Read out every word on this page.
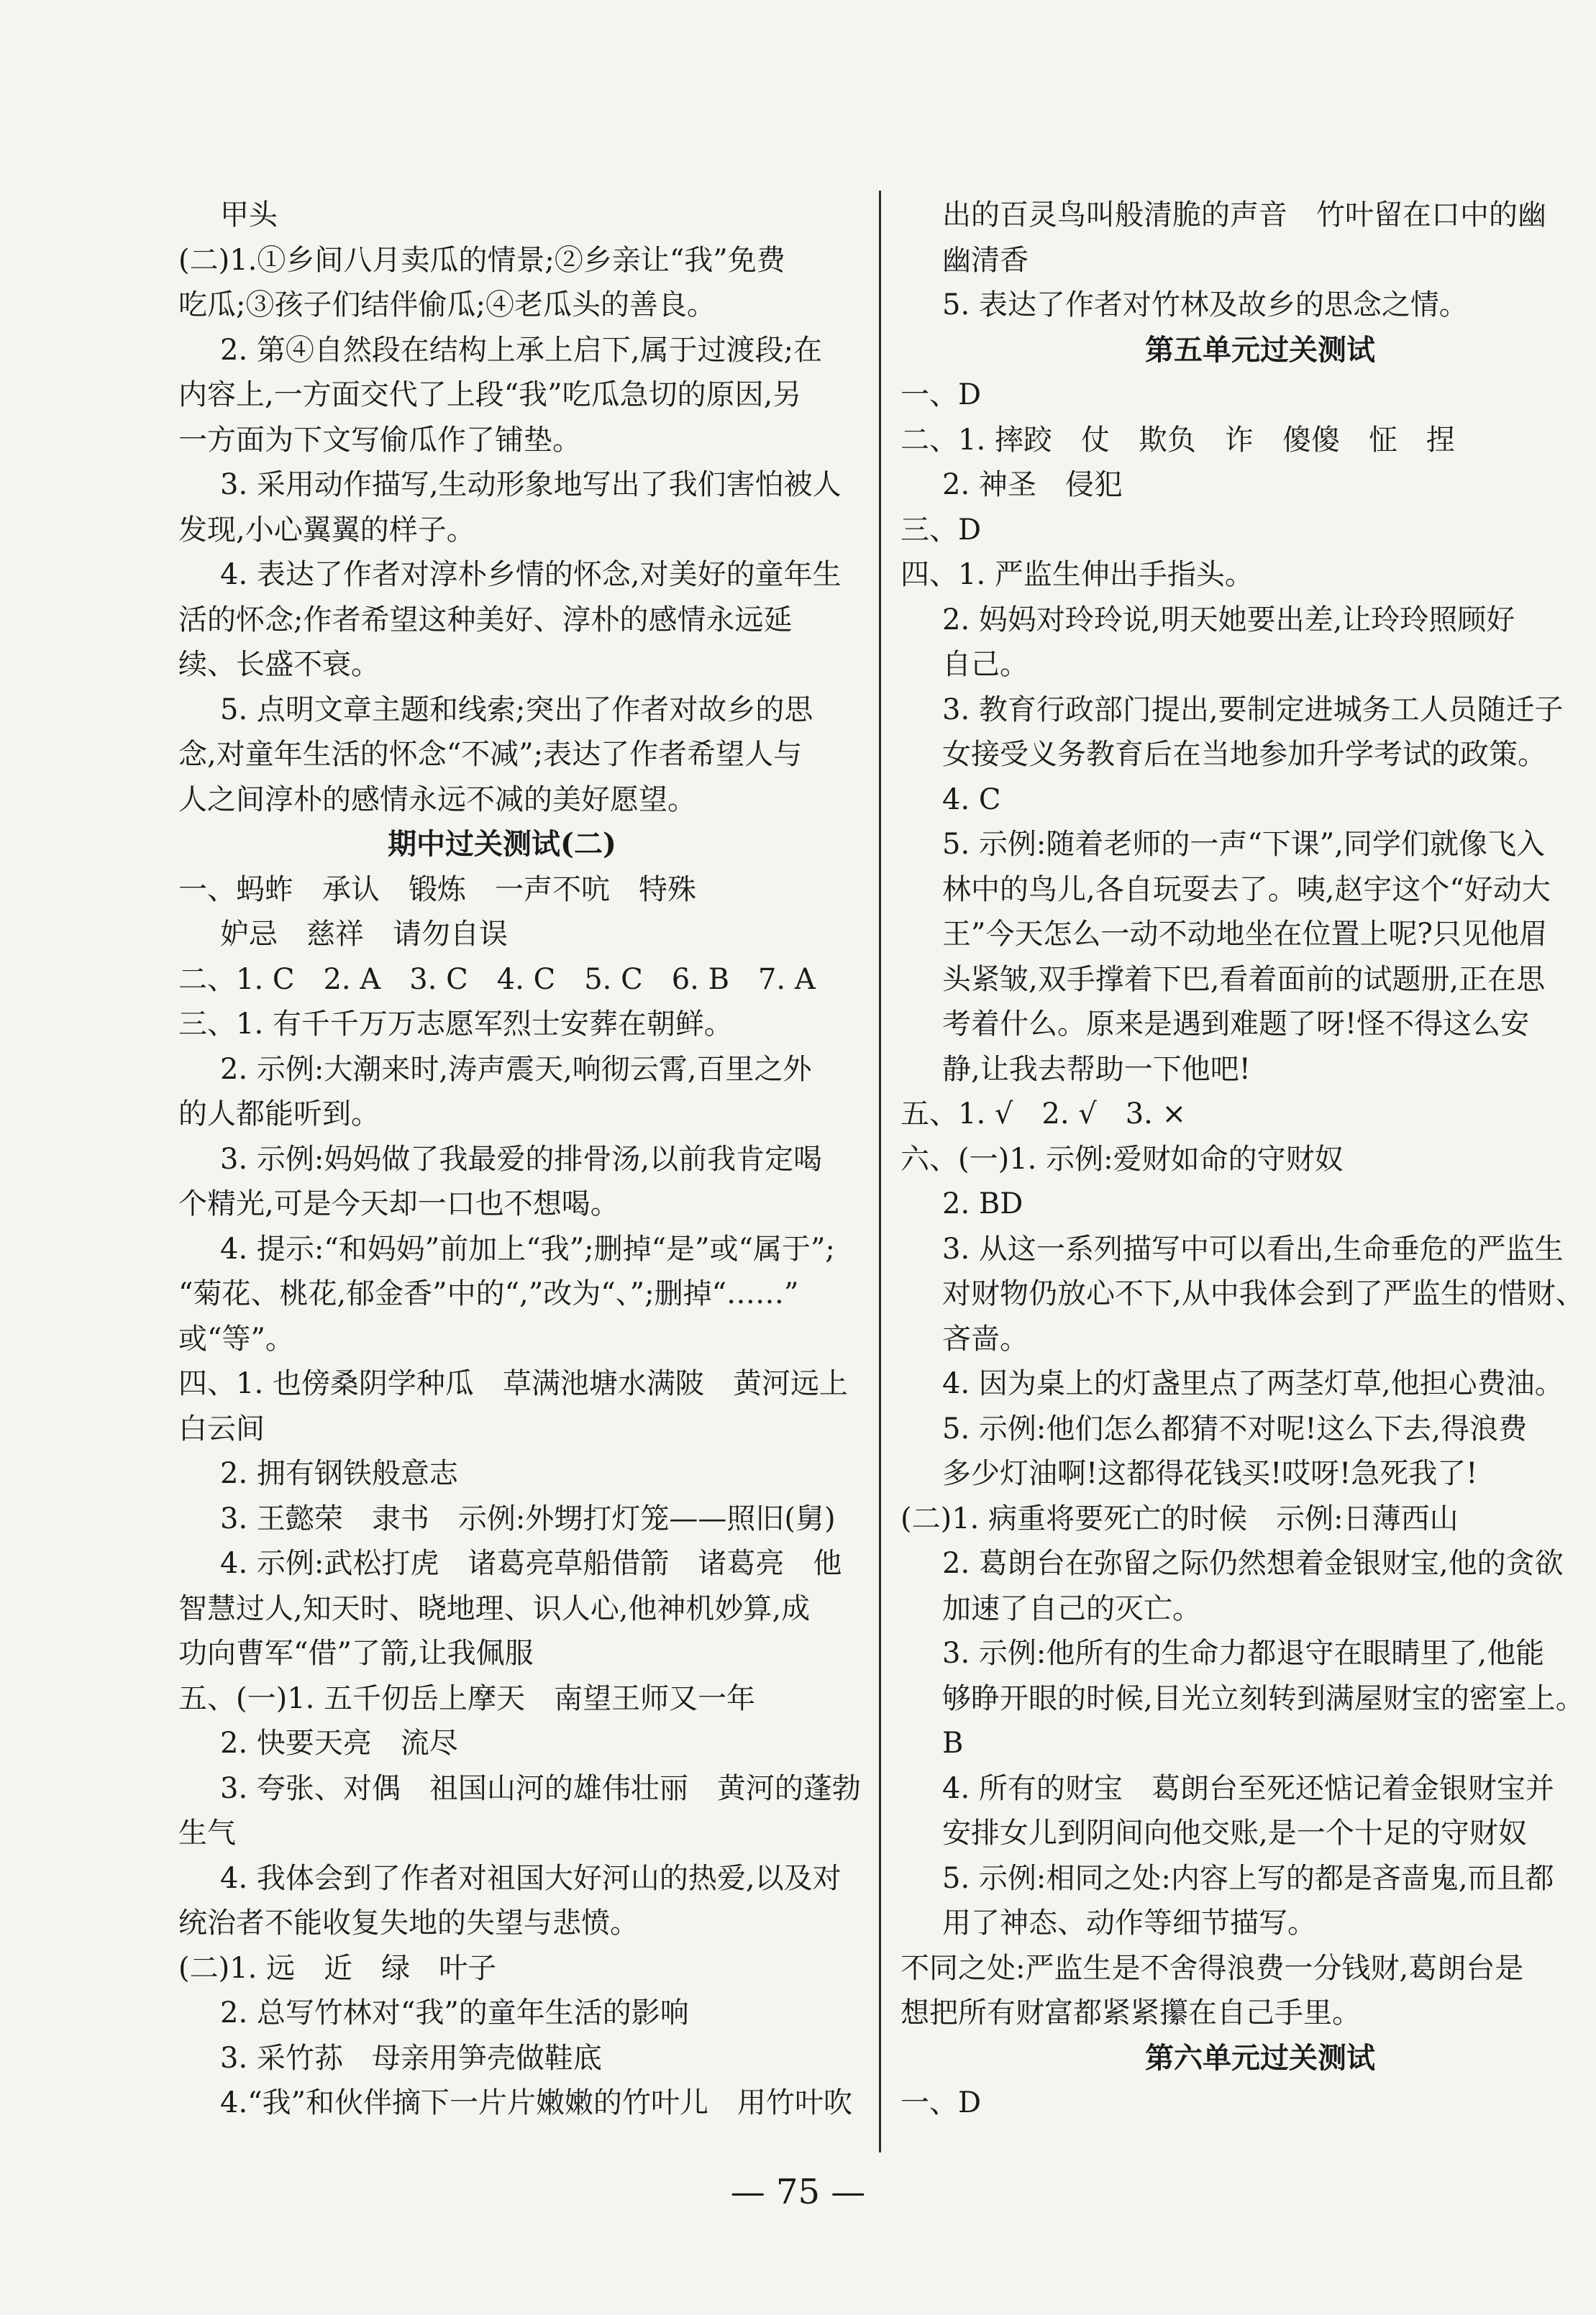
甲头
(二)1.①乡间八月卖瓜的情景;②乡亲让“我”免费
吃瓜;③孩子们结伴偷瓜;④老瓜头的善良。
2. 第④自然段在结构上承上启下,属于过渡段;在
内容上,一方面交代了上段“我”吃瓜急切的原因,另
一方面为下文写偷瓜作了铺垫。
3. 采用动作描写,生动形象地写出了我们害怕被人
发现,小心翼翼的样子。
4. 表达了作者对淳朴乡情的怀念,对美好的童年生
活的怀念;作者希望这种美好、淳朴的感情永远延
续、长盛不衰。
5. 点明文章主题和线索;突出了作者对故乡的思
念,对童年生活的怀念“不减”;表达了作者希望人与
人之间淳朴的感情永远不减的美好愿望。
期中过关测试(二)
一、蚂蚱　承认　锻炼　一声不吭　特殊
妒忌　慈祥　请勿自误
二、1. C　2. A　3. C　4. C　5. C　6. B　7. A
三、1. 有千千万万志愿军烈士安葬在朝鲜。
2. 示例:大潮来时,涛声震天,响彻云霄,百里之外
的人都能听到。
3. 示例:妈妈做了我最爱的排骨汤,以前我肯定喝
个精光,可是今天却一口也不想喝。
4. 提示:“和妈妈”前加上“我”;删掉“是”或“属于”;
“菊花、桃花,郁金香”中的“,”改为“、”;删掉“……”
或“等”。
四、1. 也傍桑阴学种瓜　草满池塘水满陂　黄河远上
白云间
2. 拥有钢铁般意志
3. 王懿荣　隶书　示例:外甥打灯笼——照旧(舅)
4. 示例:武松打虎　诸葛亮草船借箭　诸葛亮　他
智慧过人,知天时、晓地理、识人心,他神机妙算,成
功向曹军“借”了箭,让我佩服
五、(一)1. 五千仞岳上摩天　南望王师又一年
2. 快要天亮　流尽
3. 夸张、对偶　祖国山河的雄伟壮丽　黄河的蓬勃
生气
4. 我体会到了作者对祖国大好河山的热爱,以及对
统治者不能收复失地的失望与悲愤。
(二)1. 远　近　绿　叶子
2. 总写竹林对“我”的童年生活的影响
3. 采竹荪　母亲用笋壳做鞋底
4.“我”和伙伴摘下一片片嫩嫩的竹叶儿　用竹叶吹
出的百灵鸟叫般清脆的声音　竹叶留在口中的幽
幽清香
5. 表达了作者对竹林及故乡的思念之情。
第五单元过关测试
一、D
二、1. 摔跤　仗　欺负　诈　傻傻　怔　捏
2. 神圣　侵犯
三、D
四、1. 严监生伸出手指头。
2. 妈妈对玲玲说,明天她要出差,让玲玲照顾好
自己。
3. 教育行政部门提出,要制定进城务工人员随迁子
女接受义务教育后在当地参加升学考试的政策。
4. C
5. 示例:随着老师的一声“下课”,同学们就像飞入
林中的鸟儿,各自玩耍去了。咦,赵宇这个“好动大
王”今天怎么一动不动地坐在位置上呢?只见他眉
头紧皱,双手撑着下巴,看着面前的试题册,正在思
考着什么。原来是遇到难题了呀!怪不得这么安
静,让我去帮助一下他吧!
五、1. √　2. √　3. ×
六、(一)1. 示例:爱财如命的守财奴
2. BD
3. 从这一系列描写中可以看出,生命垂危的严监生
对财物仍放心不下,从中我体会到了严监生的惜财、
吝啬。
4. 因为桌上的灯盏里点了两茎灯草,他担心费油。
5. 示例:他们怎么都猜不对呢!这么下去,得浪费
多少灯油啊!这都得花钱买!哎呀!急死我了!
(二)1. 病重将要死亡的时候　示例:日薄西山
2. 葛朗台在弥留之际仍然想着金银财宝,他的贪欲
加速了自己的灭亡。
3. 示例:他所有的生命力都退守在眼睛里了,他能
够睁开眼的时候,目光立刻转到满屋财宝的密室上。
B
4. 所有的财宝　葛朗台至死还惦记着金银财宝并
安排女儿到阴间向他交账,是一个十足的守财奴
5. 示例:相同之处:内容上写的都是吝啬鬼,而且都
用了神态、动作等细节描写。
不同之处:严监生是不舍得浪费一分钱财,葛朗台是
想把所有财富都紧紧攥在自己手里。
第六单元过关测试
一、D
— 75 —
